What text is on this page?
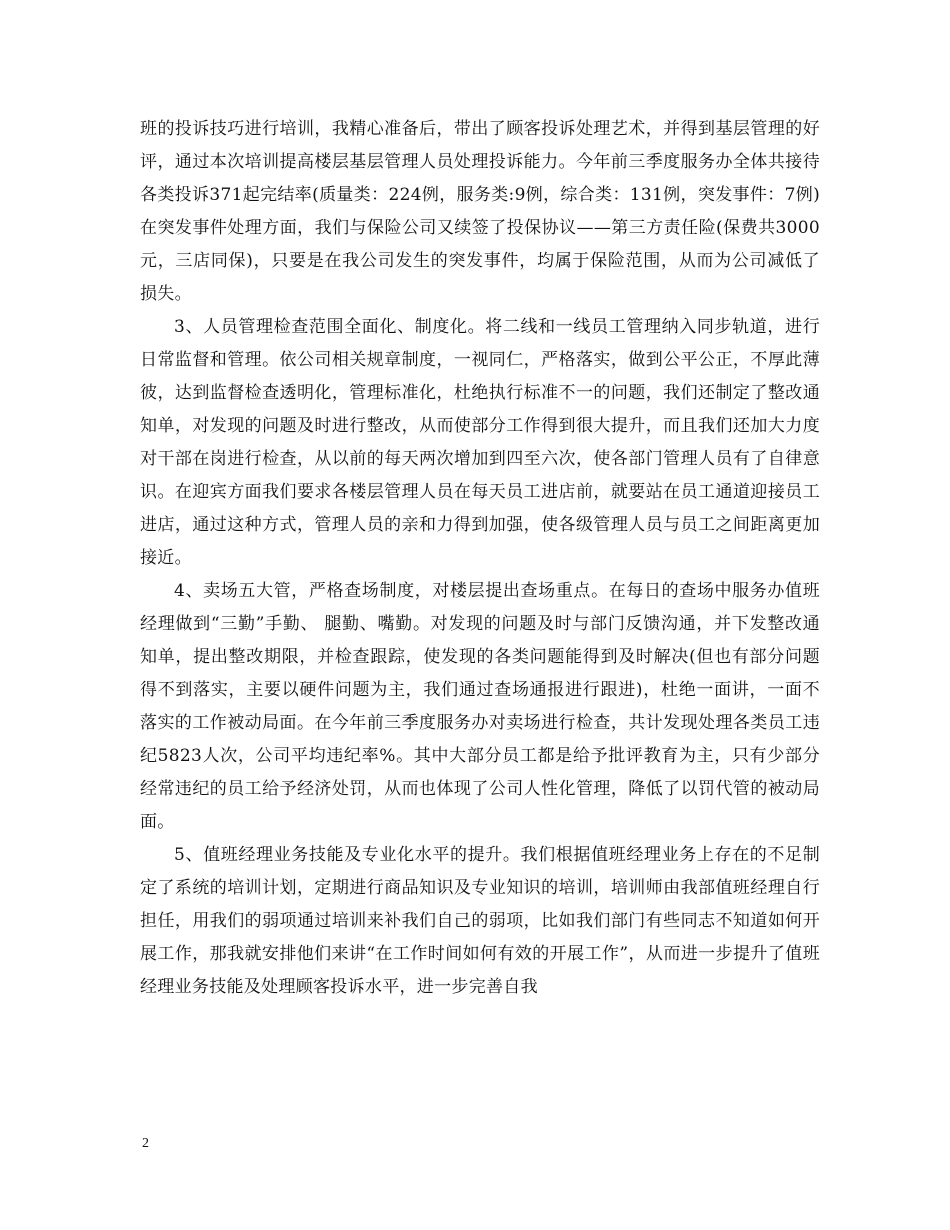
班的投诉技巧进行培训，我精心准备后，带出了顾客投诉处理艺术，并得到基层管理的好评，通过本次培训提高楼层基层管理人员处理投诉能力。今年前三季度服务办全体共接待各类投诉371起完结率(质量类：224例，服务类:9例，综合类：131例，突发事件：7例)在突发事件处理方面，我们与保险公司又续签了投保协议——第三方责任险(保费共3000 元，三店同保)，只要是在我公司发生的突发事件，均属于保险范围，从而为公司减低了损失。

3、人员管理检查范围全面化、制度化。将二线和一线员工管理纳入同步轨道，进行日常监督和管理。依公司相关规章制度，一视同仁，严格落实，做到公平公正，不厚此薄彼，达到监督检查透明化，管理标准化，杜绝执行标准不一的问题，我们还制定了整改通知单，对发现的问题及时进行整改，从而使部分工作得到很大提升，而且我们还加大力度对干部在岗进行检查，从以前的每天两次增加到四至六次，使各部门管理人员有了自律意识。在迎宾方面我们要求各楼层管理人员在每天员工进店前，就要站在员工通道迎接员工进店，通过这种方式，管理人员的亲和力得到加强，使各级管理人员与员工之间距离更加接近。

4、卖场五大管，严格查场制度，对楼层提出查场重点。在每日的查场中服务办值班经理做到“三勤”手勤、 腿勤、嘴勤。对发现的问题及时与部门反馈沟通，并下发整改通知单，提出整改期限，并检查跟踪，使发现的各类问题能得到及时解决(但也有部分问题得不到落实，主要以硬件问题为主，我们通过查场通报进行跟进)，杜绝一面讲，一面不落实的工作被动局面。在今年前三季度服务办对卖场进行检查，共计发现处理各类员工违纪5823人次，公司平均违纪率%。其中大部分员工都是给予批评教育为主，只有少部分经常违纪的员工给予经济处罚，从而也体现了公司人性化管理，降低了以罚代管的被动局面。

5、值班经理业务技能及专业化水平的提升。我们根据值班经理业务上存在的不足制定了系统的培训计划，定期进行商品知识及专业知识的培训，培训师由我部值班经理自行担任，用我们的弱项通过培训来补我们自己的弱项，比如我们部门有些同志不知道如何开展工作，那我就安排他们来讲“在工作时间如何有效的开展工作”，从而进一步提升了值班经理业务技能及处理顾客投诉水平，进一步完善自我

2
